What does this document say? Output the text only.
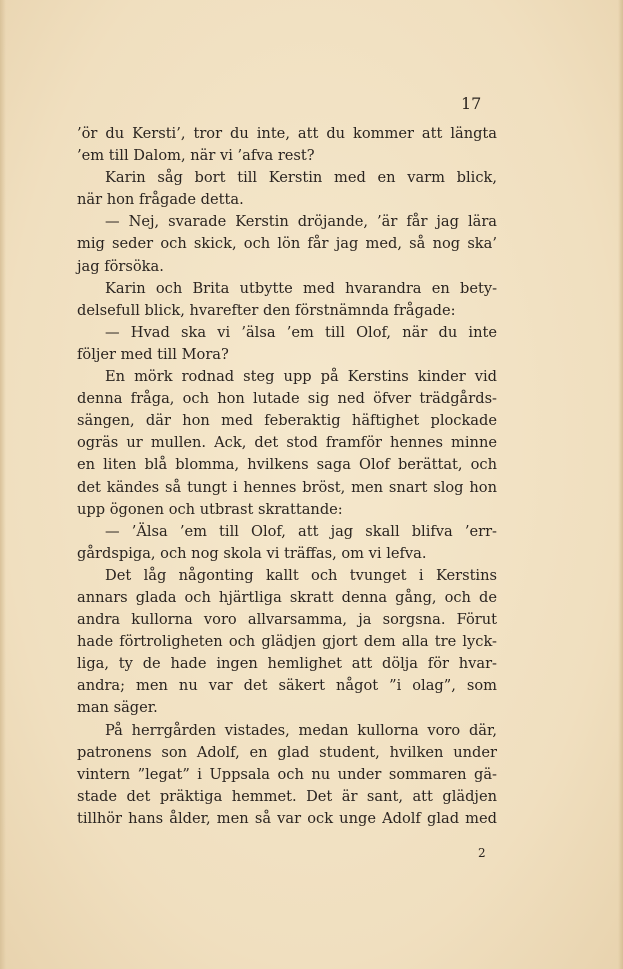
17
’ör du Kersti’, tror du inte, att du kommer att längta
’em till Dalom, när vi ’afva rest?
Karin såg bort till Kerstin med en varm blick,
när hon frågade detta.
— Nej, svarade Kerstin dröjande, ’är får jag lära
mig seder och skick, och lön får jag med, så nog ska’
jag försöka.
Karin och Brita utbytte med hvarandra en bety-
delsefull blick, hvarefter den förstnämnda frågade:
— Hvad ska vi ’älsa ’em till Olof, när du inte
följer med till Mora?
En mörk rodnad steg upp på Kerstins kinder vid
denna fråga, och hon lutade sig ned öfver trädgårds-
sängen, där hon med feberaktig häftighet plockade
ogräs ur mullen. Ack, det stod framför hennes minne
en liten blå blomma, hvilkens saga Olof berättat, och
det kändes så tungt i hennes bröst, men snart slog hon
upp ögonen och utbrast skrattande:
— ’Älsa ’em till Olof, att jag skall blifva ’err-
gårdspiga, och nog skola vi träffas, om vi lefva.
Det låg någonting kallt och tvunget i Kerstins
annars glada och hjärtliga skratt denna gång, och de
andra kullorna voro allvarsamma, ja sorgsna. Förut
hade förtroligheten och glädjen gjort dem alla tre lyck-
liga, ty de hade ingen hemlighet att dölja för hvar-
andra; men nu var det säkert något ”i olag”, som
man säger.
På herrgården vistades, medan kullorna voro där,
patronens son Adolf, en glad student, hvilken under
vintern ”legat” i Uppsala och nu under sommaren gä-
stade det präktiga hemmet. Det är sant, att glädjen
tillhör hans ålder, men så var ock unge Adolf glad med
2
